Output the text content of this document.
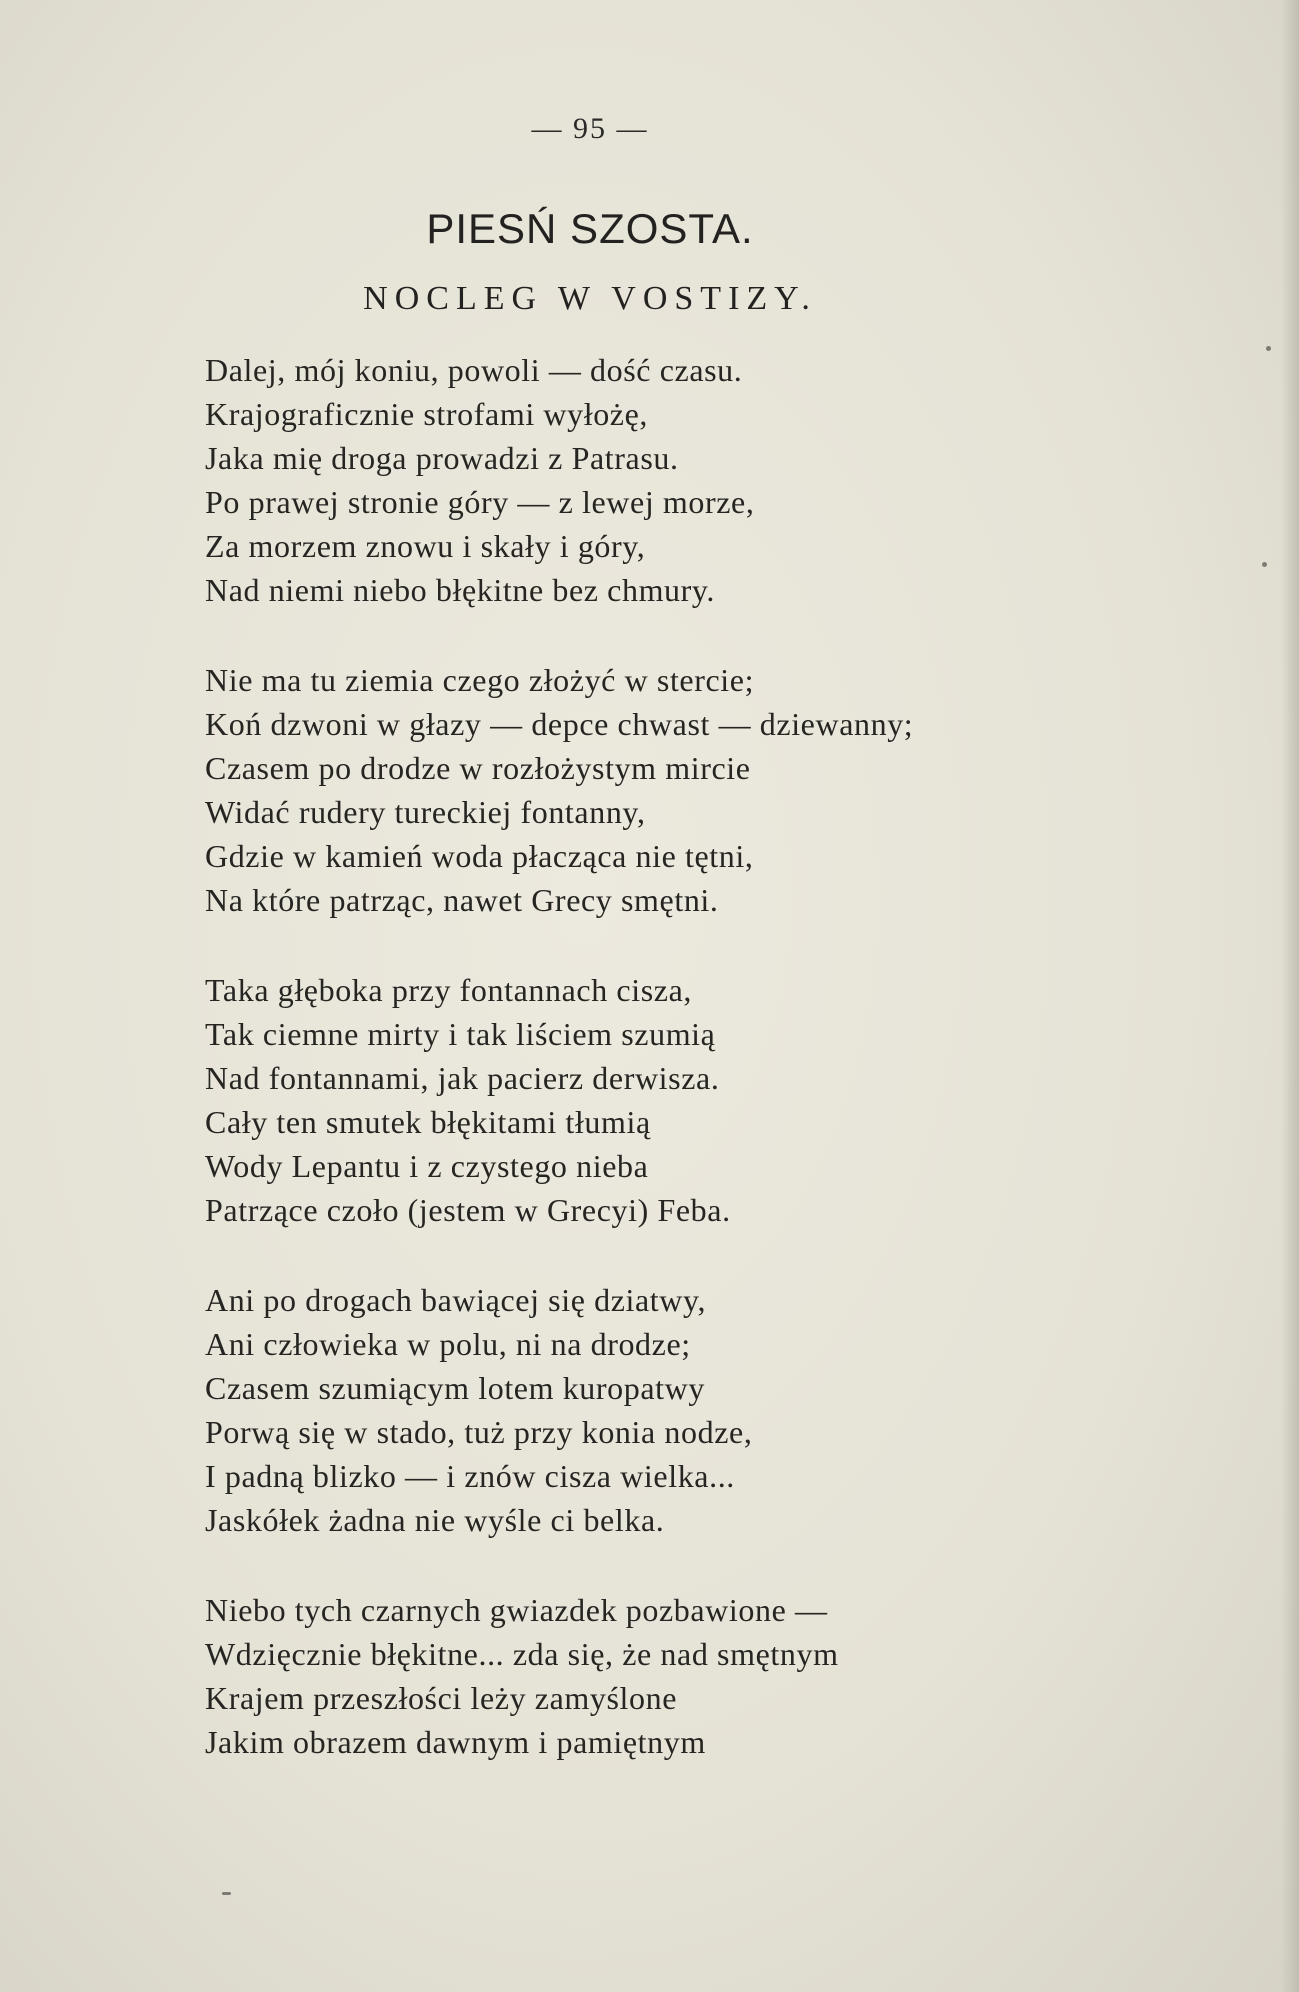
— 95 —
PIESŃ SZOSTA.
NOCLEG W VOSTIZY.
Dalej, mój koniu, powoli — dość czasu.
Krajograficznie strofami wyłożę,
Jaka mię droga prowadzi z Patrasu.
Po prawej stronie góry — z lewej morze,
Za morzem znowu i skały i góry,
Nad niemi niebo błękitne bez chmury.
Nie ma tu ziemia czego złożyć w stercie;
Koń dzwoni w głazy — depce chwast — dziewanny;
Czasem po drodze w rozłożystym mircie
Widać rudery tureckiej fontanny,
Gdzie w kamień woda płacząca nie tętni,
Na które patrząc, nawet Grecy smętni.
Taka głęboka przy fontannach cisza,
Tak ciemne mirty i tak liściem szumią
Nad fontannami, jak pacierz derwisza.
Cały ten smutek błękitami tłumią
Wody Lepantu i z czystego nieba
Patrzące czoło (jestem w Grecyi) Feba.
Ani po drogach bawiącej się dziatwy,
Ani człowieka w polu, ni na drodze;
Czasem szumiącym lotem kuropatwy
Porwą się w stado, tuż przy konia nodze,
I padną blizko — i znów cisza wielka...
Jaskółek żadna nie wyśle ci belka.
Niebo tych czarnych gwiazdek pozbawione —
Wdzięcznie błękitne... zda się, że nad smętnym
Krajem przeszłości leży zamyślone
Jakim obrazem dawnym i pamiętnym
